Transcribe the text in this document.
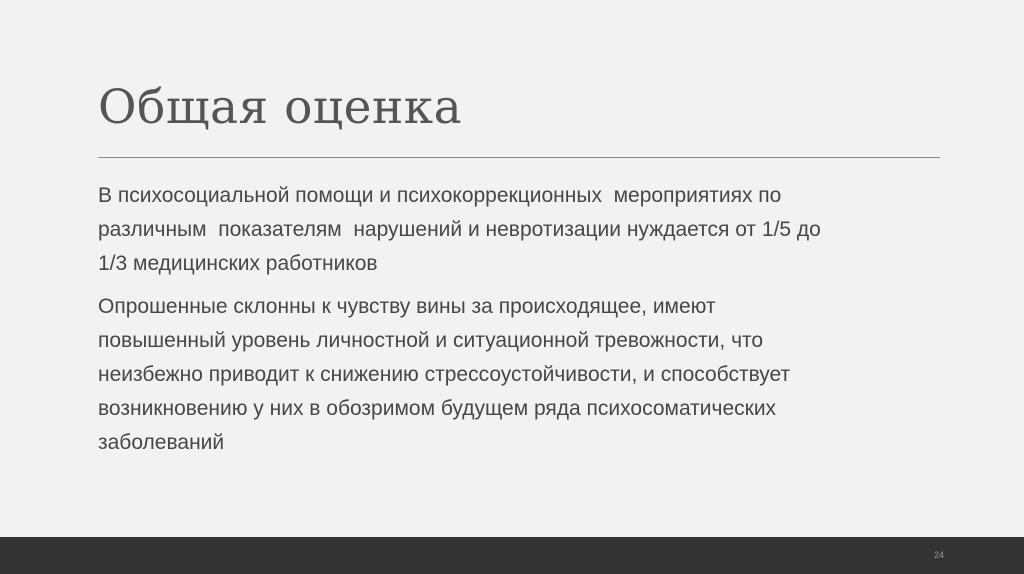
Общая оценка

В психосоциальной помощи и психокоррекционных  мероприятиях по
различным  показателям  нарушений и невротизации нуждается от 1/5 до
1/3 медицинских работников

Опрошенные склонны к чувству вины за происходящее, имеют
повышенный уровень личностной и ситуационной тревожности, что
неизбежно приводит к снижению стрессоустойчивости, и способствует
возникновению у них в обозримом будущем ряда психосоматических
заболеваний

24
